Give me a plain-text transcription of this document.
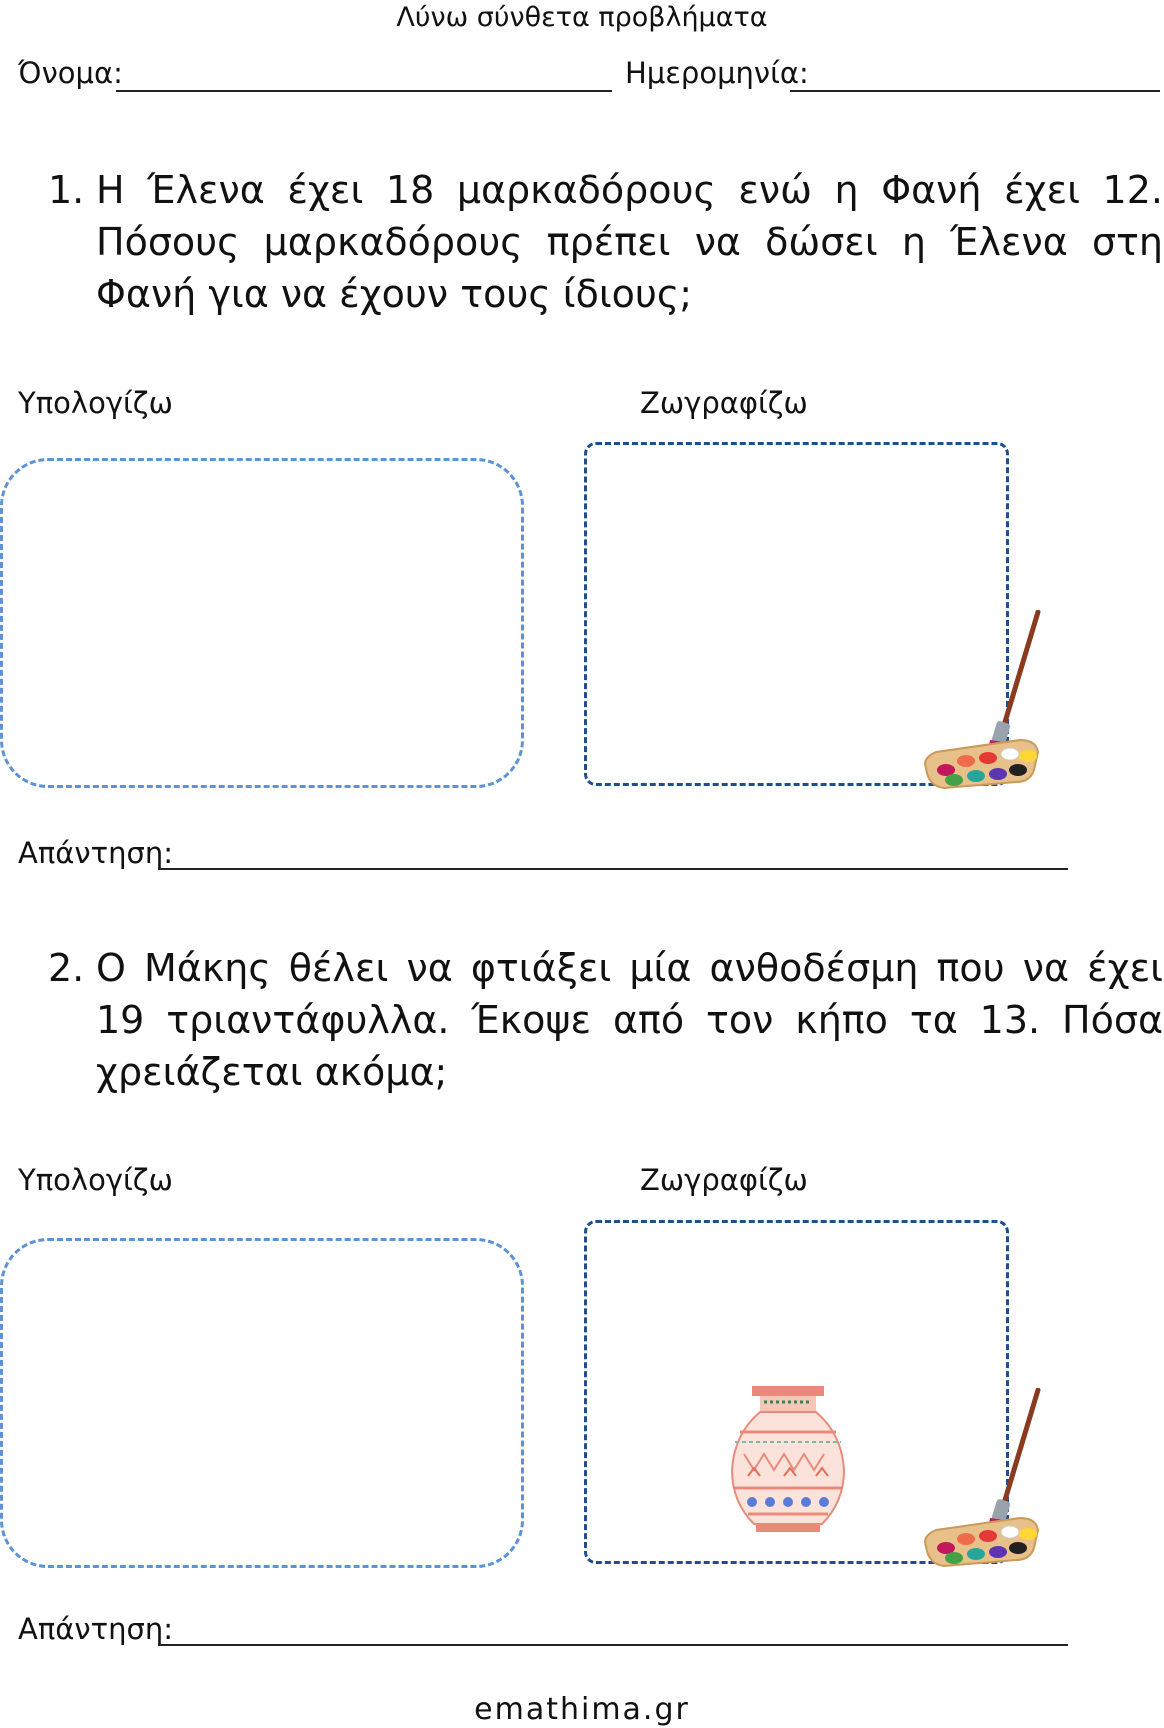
Λύνω σύνθετα προβλήματα
Όνομα:	Ημερομηνία:
1. Η Έλενα έχει 18 μαρκαδόρους ενώ η Φανή έχει 12. Πόσους μαρκαδόρους πρέπει να δώσει η Έλενα στη Φανή για να έχουν τους ίδιους;
Υπολογίζω	Ζωγραφίζω
Απάντηση:
2. Ο Μάκης θέλει να φτιάξει μία ανθοδέσμη που να έχει 19 τριαντάφυλλα. Έκοψε από τον κήπο τα 13. Πόσα χρειάζεται ακόμα;
Υπολογίζω	Ζωγραφίζω
Απάντηση:
emathima.gr
